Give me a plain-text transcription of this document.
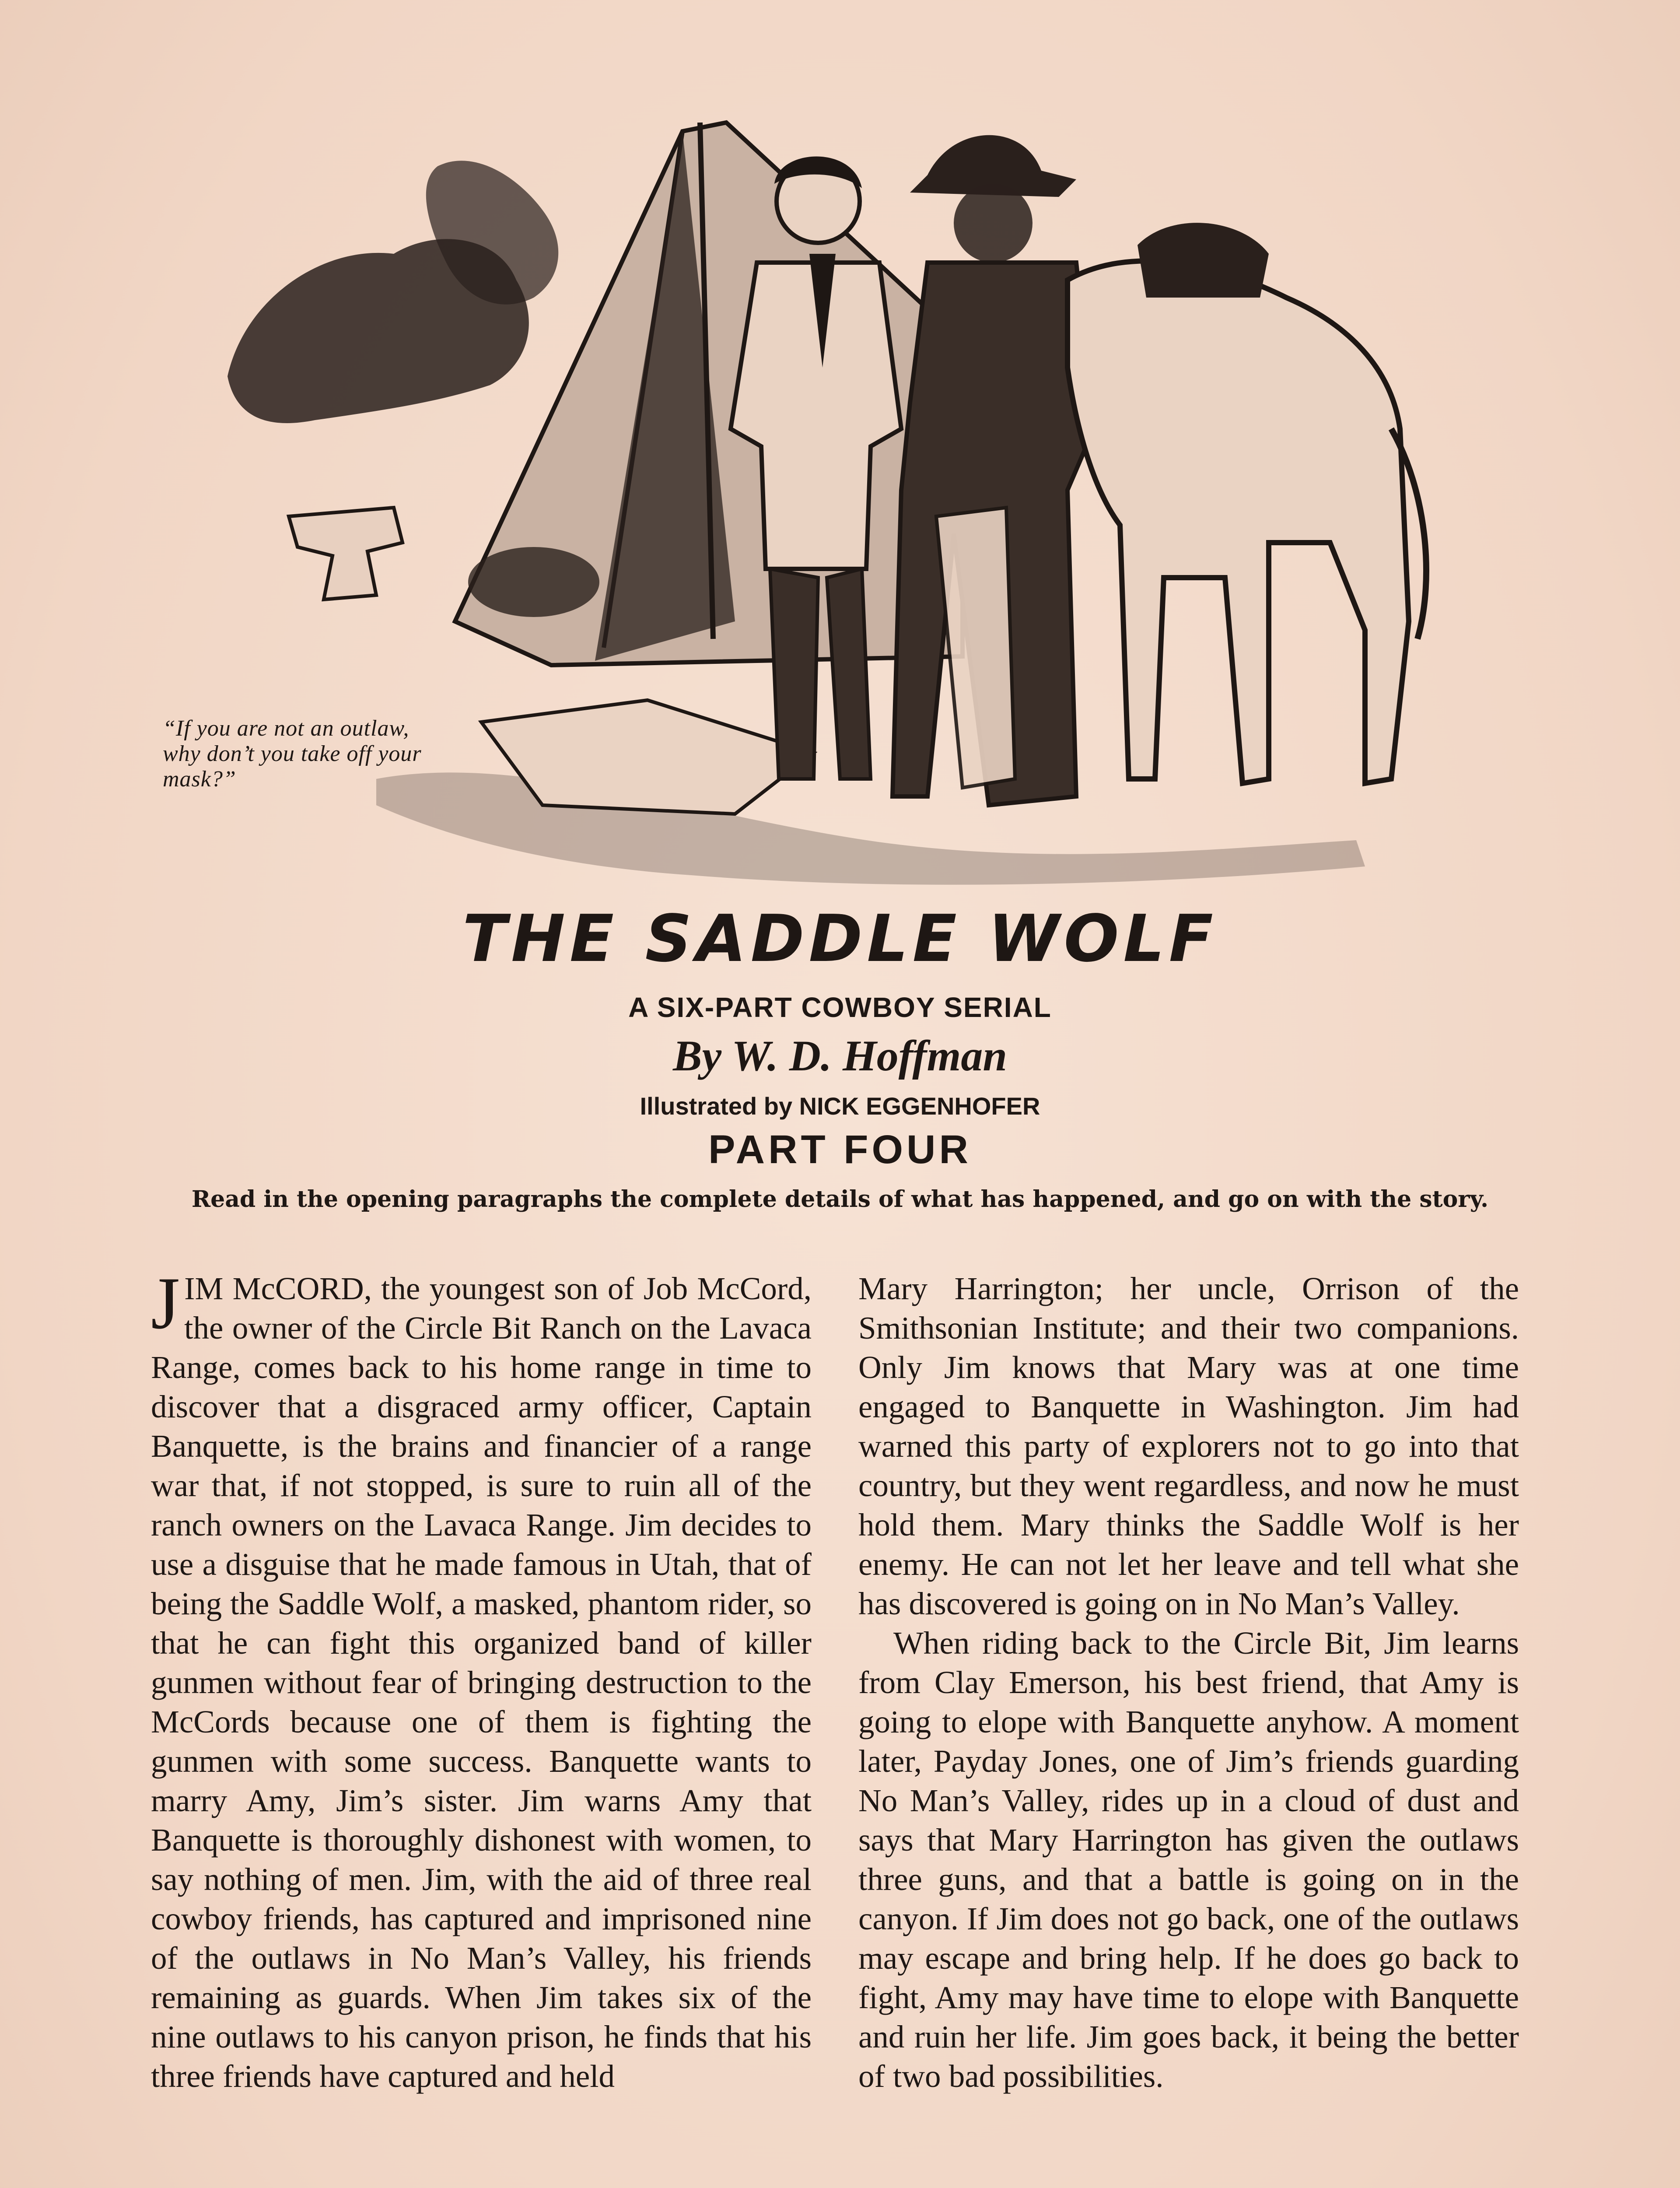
“If you are not an outlaw, why don’t you take off your mask?”
THE SADDLE WOLF
A SIX-PART COWBOY SERIAL
By W. D. Hoffman
Illustrated by NICK EGGENHOFER
PART FOUR
Read in the opening paragraphs the complete details of what has happened, and go on with the story.

JIM McCORD, the youngest son of Job McCord, the owner of the Circle Bit Ranch on the Lavaca Range, comes back to his home range in time to discover that a disgraced army officer, Captain Banquette, is the brains and financier of a range war that, if not stopped, is sure to ruin all of the ranch owners on the Lavaca Range. Jim decides to use a disguise that he made famous in Utah, that of being the Saddle Wolf, a masked, phantom rider, so that he can fight this organized band of killer gunmen without fear of bringing destruction to the McCords because one of them is fighting the gunmen with some success. Banquette wants to marry Amy, Jim’s sister. Jim warns Amy that Banquette is thoroughly dishonest with women, to say nothing of men. Jim, with the aid of three real cowboy friends, has captured and imprisoned nine of the outlaws in No Man’s Valley, his friends remaining as guards. When Jim takes six of the nine outlaws to his canyon prison, he finds that his three friends have captured and held

Mary Harrington; her uncle, Orrison of the Smithsonian Institute; and their two companions. Only Jim knows that Mary was at one time engaged to Banquette in Washington. Jim had warned this party of explorers not to go into that country, but they went regardless, and now he must hold them. Mary thinks the Saddle Wolf is her enemy. He can not let her leave and tell what she has discovered is going on in No Man’s Valley.

When riding back to the Circle Bit, Jim learns from Clay Emerson, his best friend, that Amy is going to elope with Banquette anyhow. A moment later, Payday Jones, one of Jim’s friends guarding No Man’s Valley, rides up in a cloud of dust and says that Mary Harrington has given the outlaws three guns, and that a battle is going on in the canyon. If Jim does not go back, one of the outlaws may escape and bring help. If he does go back to fight, Amy may have time to elope with Banquette and ruin her life. Jim goes back, it being the better of two bad possibilities.
